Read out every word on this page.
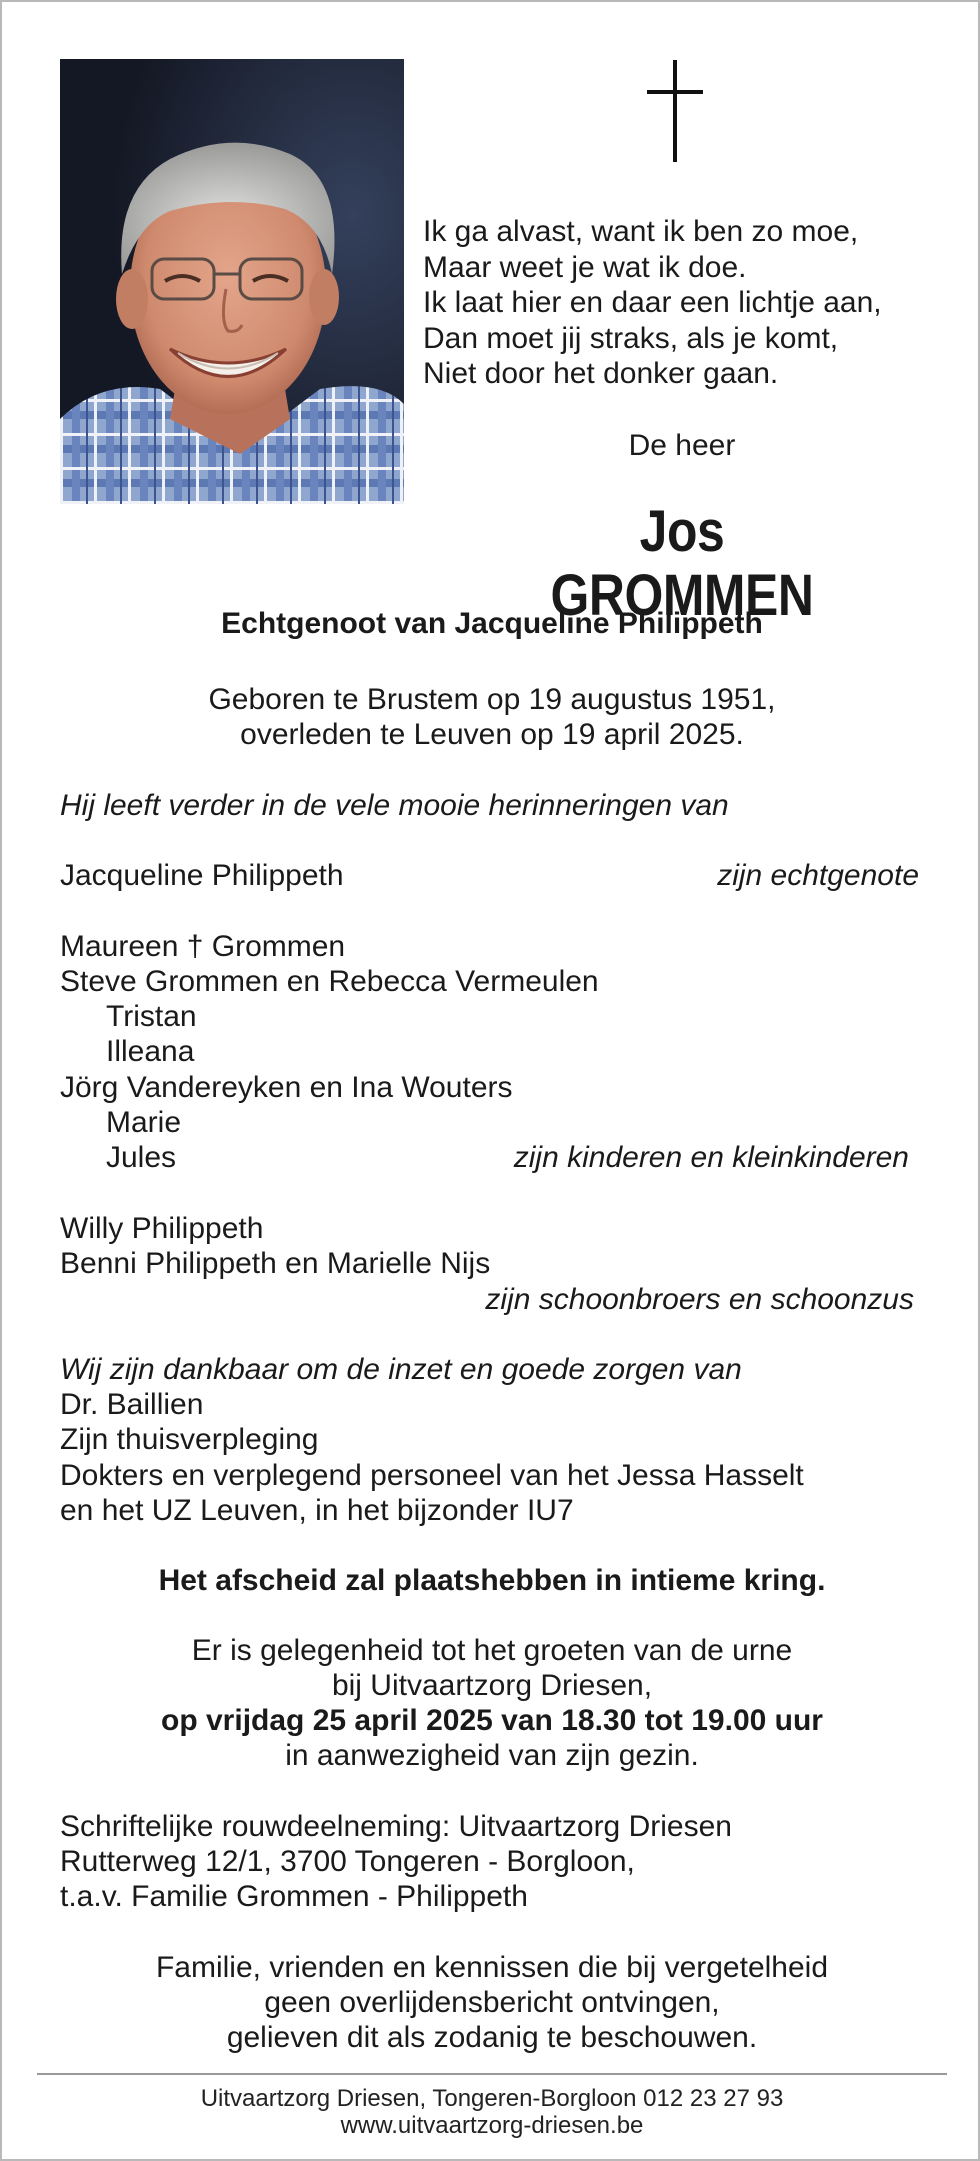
Ik ga alvast, want ik ben zo moe,
Maar weet je wat ik doe.
Ik laat hier en daar een lichtje aan,
Dan moet jij straks, als je komt,
Niet door het donker gaan.
De heer
Jos GROMMEN
Echtgenoot van Jacqueline Philippeth
Geboren te Brustem op 19 augustus 1951,
overleden te Leuven op 19 april 2025.
Hij leeft verder in de vele mooie herinneringen van
Jacqueline Philippeth	zijn echtgenote
Maureen † Grommen
Steve Grommen en Rebecca Vermeulen
Tristan
Illeana
Jörg Vandereyken en Ina Wouters
Marie
Jules	zijn kinderen en kleinkinderen
Willy Philippeth
Benni Philippeth en Marielle Nijs
zijn schoonbroers en schoonzus
Wij zijn dankbaar om de inzet en goede zorgen van
Dr. Baillien
Zijn thuisverpleging
Dokters en verplegend personeel van het Jessa Hasselt
en het UZ Leuven, in het bijzonder IU7
Het afscheid zal plaatshebben in intieme kring.
Er is gelegenheid tot het groeten van de urne
bij Uitvaartzorg Driesen,
op vrijdag 25 april 2025 van 18.30 tot 19.00 uur
in aanwezigheid van zijn gezin.
Schriftelijke rouwdeelneming: Uitvaartzorg Driesen
Rutterweg 12/1, 3700 Tongeren - Borgloon,
t.a.v. Familie Grommen - Philippeth
Familie, vrienden en kennissen die bij vergetelheid
geen overlijdensbericht ontvingen,
gelieven dit als zodanig te beschouwen.
Uitvaartzorg Driesen, Tongeren-Borgloon 012 23 27 93
www.uitvaartzorg-driesen.be
